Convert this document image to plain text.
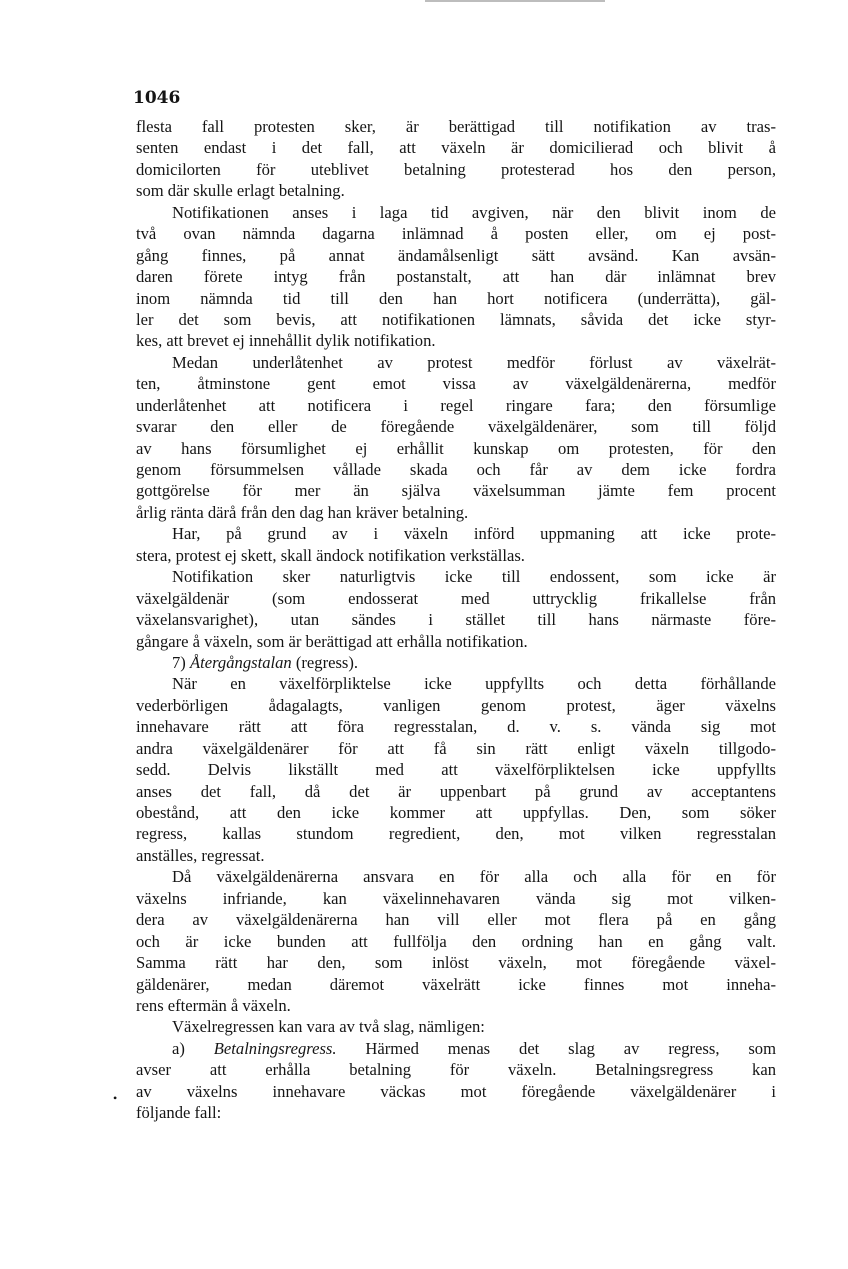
1046
•
flesta fall protesten sker, är berättigad till notifikation av tras-
senten endast i det fall, att växeln är domicilierad och blivit å
domicilorten för uteblivet betalning protesterad hos den person,
som där skulle erlagt betalning.
Notifikationen anses i laga tid avgiven, när den blivit inom de
två ovan nämnda dagarna inlämnad å posten eller, om ej post-
gång finnes, på annat ändamålsenligt sätt avsänd. Kan avsän-
daren förete intyg från postanstalt, att han där inlämnat brev
inom nämnda tid till den han hort notificera (underrätta), gäl-
ler det som bevis, att notifikationen lämnats, såvida det icke styr-
kes, att brevet ej innehållit dylik notifikation.
Medan underlåtenhet av protest medför förlust av växelrät-
ten, åtminstone gent emot vissa av växelgäldenärerna, medför
underlåtenhet att notificera i regel ringare fara; den försumlige
svarar den eller de föregående växelgäldenärer, som till följd
av hans försumlighet ej erhållit kunskap om protesten, för den
genom försummelsen vållade skada och får av dem icke fordra
gottgörelse för mer än själva växelsumman jämte fem procent
årlig ränta därå från den dag han kräver betalning.
Har, på grund av i växeln införd uppmaning att icke prote-
stera, protest ej skett, skall ändock notifikation verkställas.
Notifikation sker naturligtvis icke till endossent, som icke är
växelgäldenär (som endosserat med uttrycklig frikallelse från
växelansvarighet), utan sändes i stället till hans närmaste före-
gångare å växeln, som är berättigad att erhålla notifikation.
7) Återgångstalan (regress).
När en växelförpliktelse icke uppfyllts och detta förhållande
vederbörligen ådagalagts, vanligen genom protest, äger växelns
innehavare rätt att föra regresstalan, d. v. s. vända sig mot
andra växelgäldenärer för att få sin rätt enligt växeln tillgodo-
sedd. Delvis likställt med att växelförpliktelsen icke uppfyllts
anses det fall, då det är uppenbart på grund av acceptantens
obestånd, att den icke kommer att uppfyllas. Den, som söker
regress, kallas stundom regredient, den, mot vilken regresstalan
anställes, regressat.
Då växelgäldenärerna ansvara en för alla och alla för en för
växelns infriande, kan växelinnehavaren vända sig mot vilken-
dera av växelgäldenärerna han vill eller mot flera på en gång
och är icke bunden att fullfölja den ordning han en gång valt.
Samma rätt har den, som inlöst växeln, mot föregående växel-
gäldenärer, medan däremot växelrätt icke finnes mot inneha-
rens eftermän å växeln.
Växelregressen kan vara av två slag, nämligen:
a) Betalningsregress. Härmed menas det slag av regress, som
avser att erhålla betalning för växeln. Betalningsregress kan
av växelns innehavare väckas mot föregående växelgäldenärer i
följande fall:
